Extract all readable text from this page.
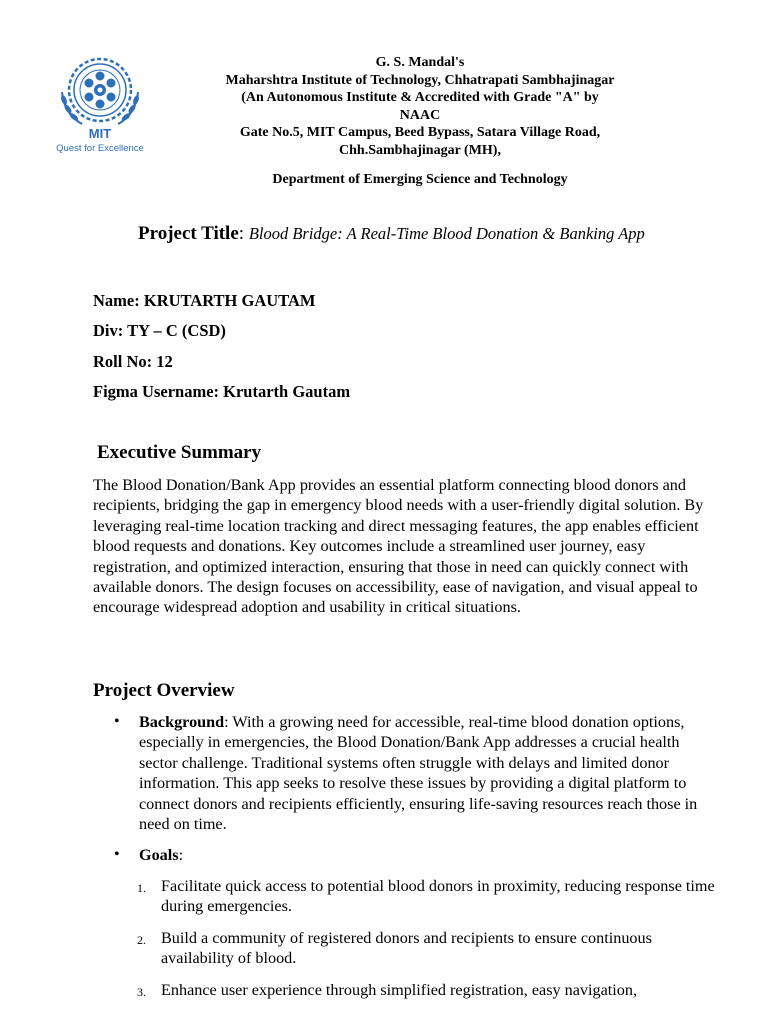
MIT
Quest for Excellence
G. S. Mandal's
Maharshtra Institute of Technology, Chhatrapati Sambhajinagar
(An Autonomous Institute & Accredited with Grade "A" by
NAAC
Gate No.5, MIT Campus, Beed Bypass, Satara Village Road,
Chh.Sambhajinagar (MH),
Department of Emerging Science and Technology
Project Title: Blood Bridge: A Real-Time Blood Donation & Banking App
Name: KRUTARTH GAUTAM
Div: TY – C (CSD)
Roll No: 12
Figma Username: Krutarth Gautam
Executive Summary

The Blood Donation/Bank App provides an essential platform connecting blood donors and recipients, bridging the gap in emergency blood needs with a user-friendly digital solution. By leveraging real-time location tracking and direct messaging features, the app enables efficient blood requests and donations. Key outcomes include a streamlined user journey, easy registration, and optimized interaction, ensuring that those in need can quickly connect with available donors. The design focuses on accessibility, ease of navigation, and visual appeal to encourage widespread adoption and usability in critical situations.

Project Overview
• Background: With a growing need for accessible, real-time blood donation options, especially in emergencies, the Blood Donation/Bank App addresses a crucial health sector challenge. Traditional systems often struggle with delays and limited donor information. This app seeks to resolve these issues by providing a digital platform to connect donors and recipients efficiently, ensuring life-saving resources reach those in need on time.

• Goals:

1. Facilitate quick access to potential blood donors in proximity, reducing response time during emergencies.

2. Build a community of registered donors and recipients to ensure continuous availability of blood.

3. Enhance user experience through simplified registration, easy navigation,
